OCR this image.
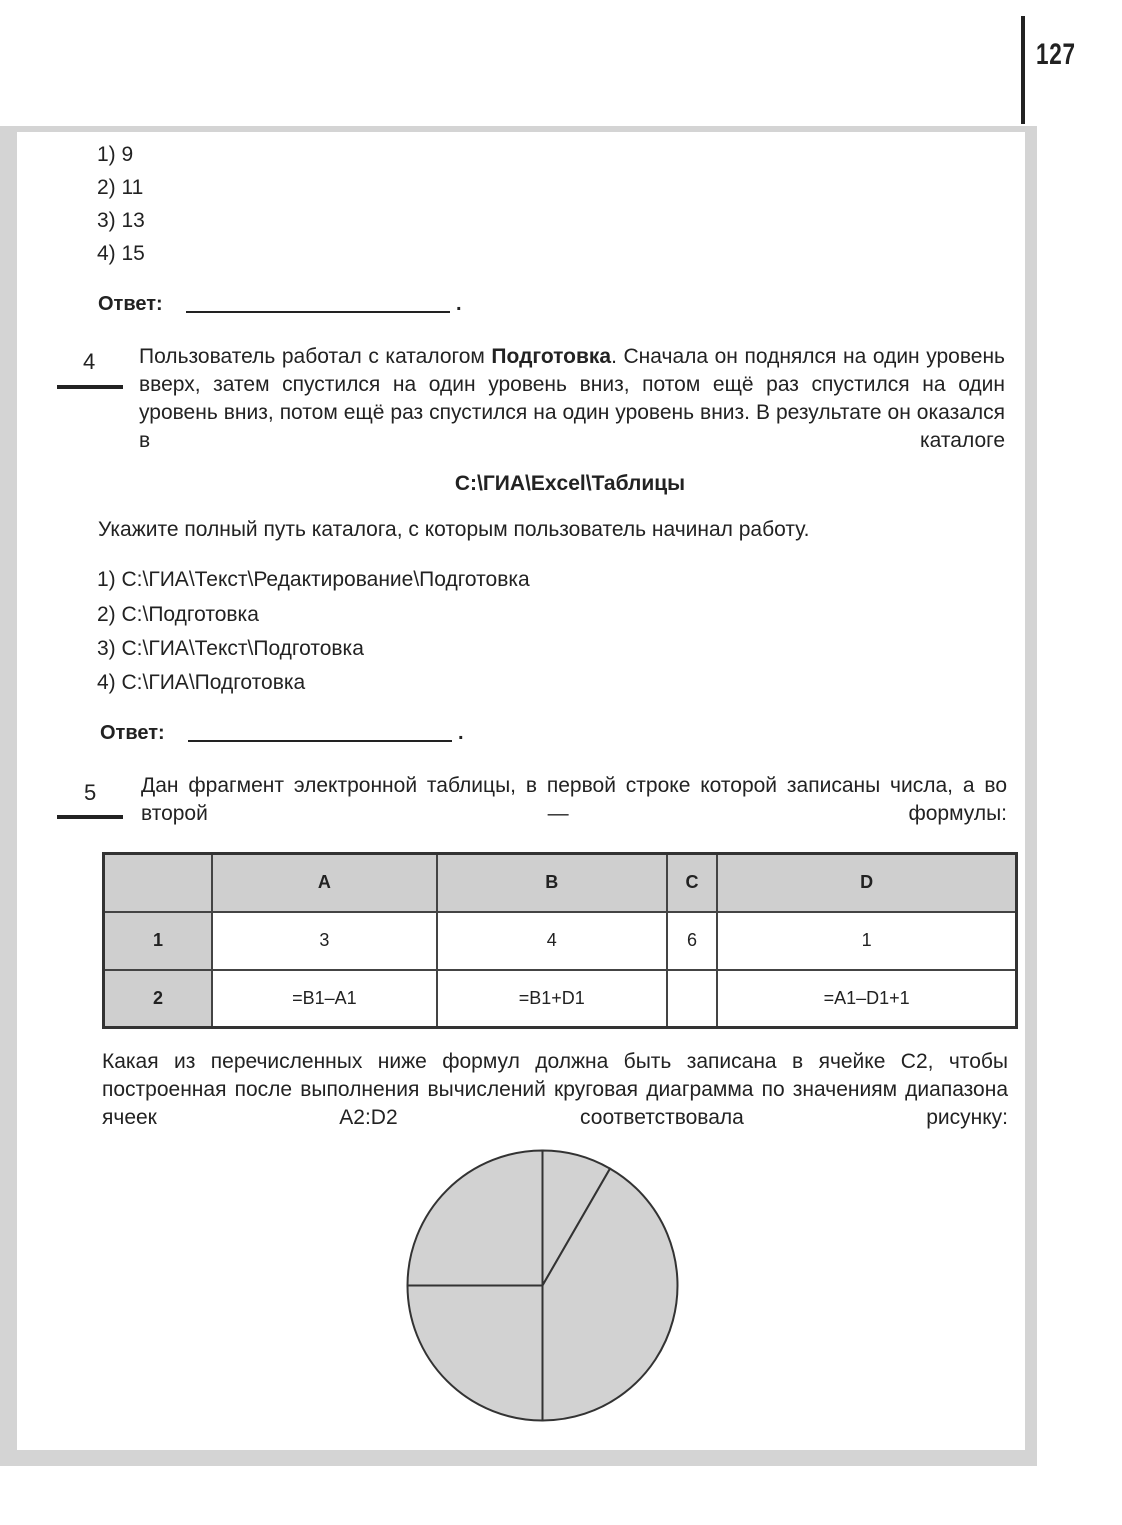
127
1) 9
2) 11
3) 13
4) 15
Ответ:	.
4 Пользователь работал с каталогом Подготовка. Сначала он поднялся на один уровень вверх, затем спустился на один уровень вниз, потом ещё раз спустился на один уровень вниз, потом ещё раз спустился на один уровень вниз. В результате он оказался в каталоге
C:\ГИА\Excel\Таблицы
Укажите полный путь каталога, с которым пользователь начинал работу.
1) С:\ГИА\Текст\Редактирование\Подготовка
2) С:\Подготовка
3) С:\ГИА\Текст\Подготовка
4) С:\ГИА\Подготовка
Ответ:	.
5 Дан фрагмент электронной таблицы, в первой строке которой записаны числа, а во второй — формулы:
	A	B	C	D
1	3	4	6	1
2	=B1–A1	=B1+D1		=A1–D1+1
Какая из перечисленных ниже формул должна быть записана в ячейке С2, чтобы построенная после выполнения вычислений круговая диаграмма по значениям диапазона ячеек А2:D2 соответствовала рисунку:
